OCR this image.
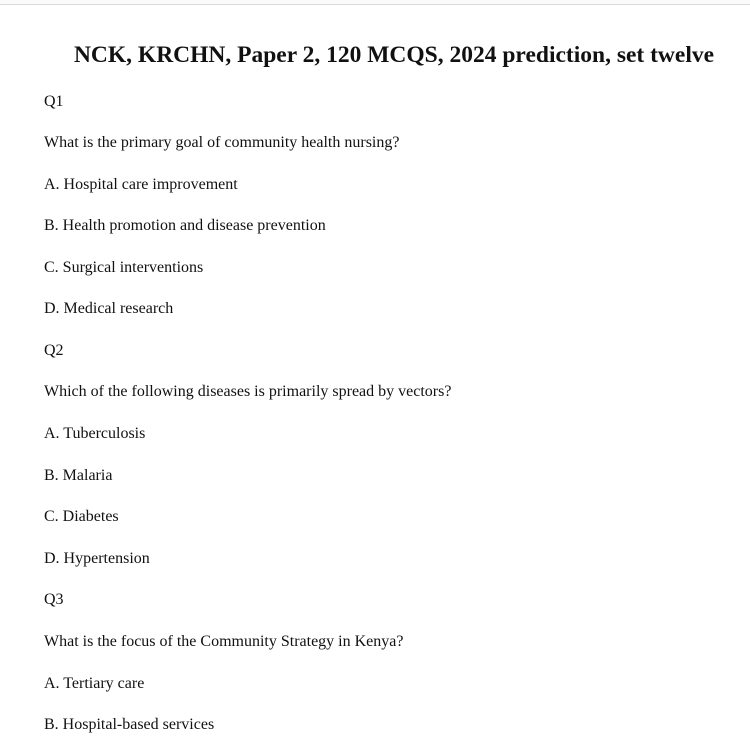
NCK, KRCHN, Paper 2, 120 MCQS, 2024 prediction, set twelve
Q1
What is the primary goal of community health nursing?
A. Hospital care improvement
B. Health promotion and disease prevention
C. Surgical interventions
D. Medical research
Q2
Which of the following diseases is primarily spread by vectors?
A. Tuberculosis
B. Malaria
C. Diabetes
D. Hypertension
Q3
What is the focus of the Community Strategy in Kenya?
A. Tertiary care
B. Hospital-based services
